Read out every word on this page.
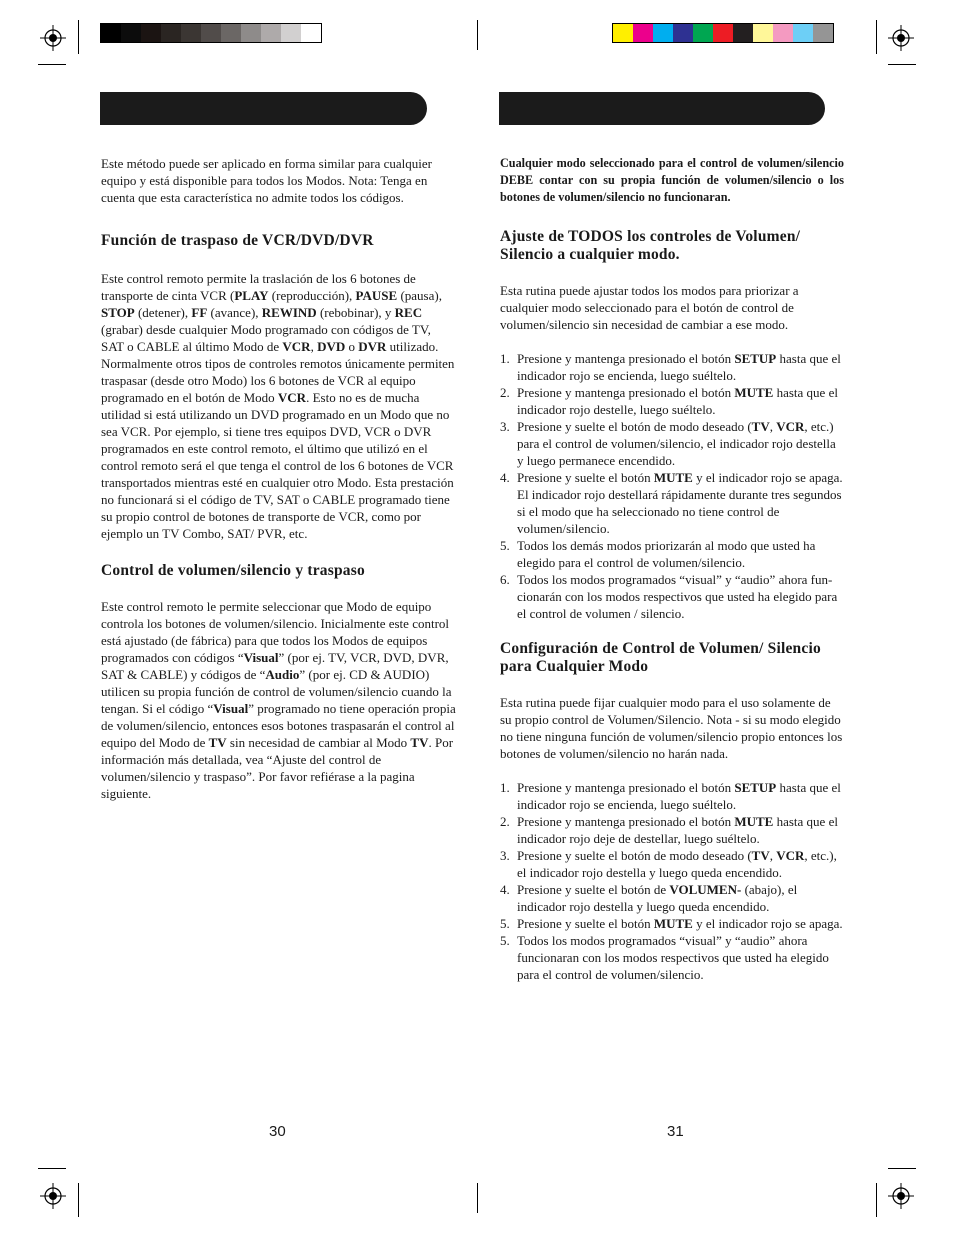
Este método puede ser aplicado en forma similar para cualquier equipo y está disponible para todos los Modos. Nota: Tenga en cuenta que esta característica no admite todos los códigos.

Función de traspaso de VCR/DVD/DVR

Este control remoto permite la traslación de los 6 botones de transporte de cinta VCR (PLAY (reproducción), PAUSE (pausa), STOP (detener), FF (avance), REWIND (rebobinar), y REC (grabar) desde cualquier Modo programado con códigos de TV, SAT o CABLE al último Modo de VCR, DVD o DVR utilizado. Normalmente otros tipos de controles remotos únicamente permiten traspasar (desde otro Modo) los 6 botones de VCR al equipo programado en el botón de Modo VCR. Esto no es de mucha utilidad si está utilizando un DVD programado en un Modo que no sea VCR. Por ejemplo, si tiene tres equipos DVD, VCR o DVR programados en este control remoto, el último que utilizó en el control remoto será el que tenga el control de los 6 botones de VCR transportados mientras esté en cualquier otro Modo. Esta prestación no funcionará si el código de TV, SAT o CABLE programado tiene su propio control de botones de transporte de VCR, como por ejemplo un TV Combo, SAT/ PVR, etc.

Control de volumen/silencio y traspaso

Este control remoto le permite seleccionar que Modo de equipo controla los botones de volumen/silencio. Inicialmente este control está ajustado (de fábrica) para que todos los Modos de equipos programados con códigos “Visual” (por ej. TV, VCR, DVD, DVR, SAT & CABLE) y códigos de “Audio” (por ej. CD & AUDIO) utilicen su propia función de control de volumen/silencio cuando la tengan. Si el código “Visual” programado no tiene operación propia de volumen/silencio, entonces esos botones traspasarán el control al equipo del Modo de TV sin necesidad de cambiar al Modo TV. Por información más detallada, vea “Ajuste del control de volumen/silencio y traspaso”. Por favor refiérase a la pagina siguiente.

Cualquier modo seleccionado para el control de volumen/silencio DEBE contar con su propia función de volumen/silencio o los botones de volumen/silencio no funcionaran.

Ajuste de TODOS los controles de Volumen/ Silencio a cualquier modo.

Esta rutina puede ajustar todos los modos para priorizar a cualquier modo seleccionado para el botón de control de volumen/silencio sin necesidad de cambiar a ese modo.

1. Presione y mantenga presionado el botón SETUP hasta que el indicador rojo se encienda, luego suéltelo.
2. Presione y mantenga presionado el botón MUTE hasta que el indicador rojo destelle, luego suéltelo.
3. Presione y suelte el botón de modo deseado (TV, VCR, etc.) para el control de volumen/silencio, el indicador rojo destella y luego permanece encendido.
4. Presione y suelte el botón MUTE y el indicador rojo se apaga. El indicador rojo destellará rápidamente durante tres segundos si el modo que ha seleccionado no tiene control de volumen/silencio.
5. Todos los demás modos priorizarán al modo que usted ha elegido para el control de volumen/silencio.
6. Todos los modos programados “visual” y “audio” ahora fun- cionarán con los modos respectivos que usted ha elegido para el control de volumen / silencio.
Configuración de Control de Volumen/ Silencio para Cualquier Modo

Esta rutina puede fijar cualquier modo para el uso solamente de su propio control de Volumen/Silencio. Nota - si su modo elegido no tiene ninguna función de volumen/silencio propio entonces los botones de volumen/silencio no harán nada.

1. Presione y mantenga presionado el botón SETUP hasta que el indicador rojo se encienda, luego suéltelo.
2. Presione y mantenga presionado el botón MUTE hasta que el indicador rojo deje de destellar, luego suéltelo.
3. Presione y suelte el botón de modo deseado (TV, VCR, etc.), el indicador rojo destella y luego queda encendido.
4. Presione y suelte el botón de VOLUMEN- (abajo), el indicador rojo destella y luego queda encendido.
5. Presione y suelte el botón MUTE y el indicador rojo se apaga.
5. Todos los modos programados “visual” y “audio” ahora funcionaran con los modos respectivos que usted ha elegido para el control de volumen/silencio.
30	31
